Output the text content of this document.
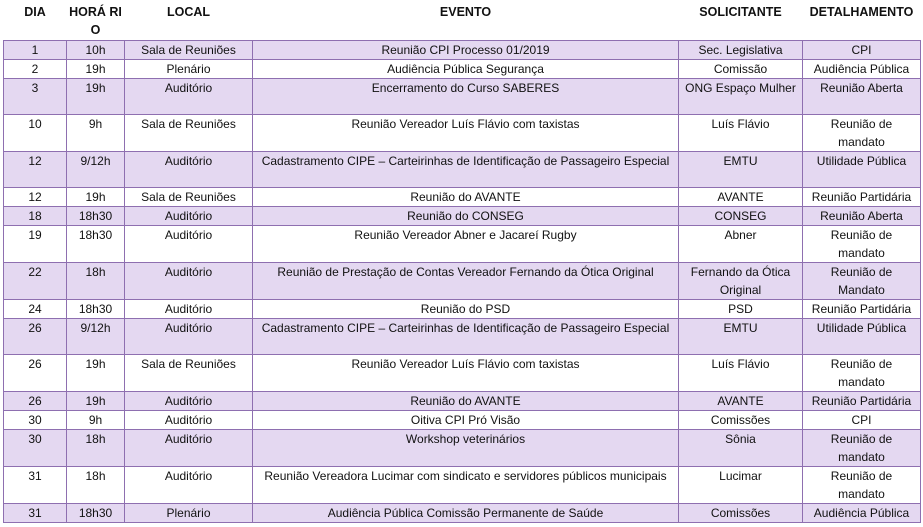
DIA	HORÁ RIO	LOCAL	EVENTO	SOLICITANTE	DETALHAMENTO
1	10h	Sala de Reuniões	Reunião CPI Processo 01/2019	Sec. Legislativa	CPI
2	19h	Plenário	Audiência Pública Segurança	Comissão	Audiência Pública
3	19h	Auditório	Encerramento do Curso SABERES	ONG Espaço Mulher	Reunião Aberta
10	9h	Sala de Reuniões	Reunião Vereador Luís Flávio com taxistas	Luís Flávio	Reunião de mandato
12	9/12h	Auditório	Cadastramento CIPE – Carteirinhas de Identificação de Passageiro Especial	EMTU	Utilidade Pública
12	19h	Sala de Reuniões	Reunião do AVANTE	AVANTE	Reunião Partidária
18	18h30	Auditório	Reunião do CONSEG	CONSEG	Reunião Aberta
19	18h30	Auditório	Reunião Vereador Abner e Jacareí Rugby	Abner	Reunião de mandato
22	18h	Auditório	Reunião de Prestação de Contas Vereador Fernando da Ótica Original	Fernando da Ótica Original	Reunião de Mandato
24	18h30	Auditório	Reunião do PSD	PSD	Reunião Partidária
26	9/12h	Auditório	Cadastramento CIPE – Carteirinhas de Identificação de Passageiro Especial	EMTU	Utilidade Pública
26	19h	Sala de Reuniões	Reunião Vereador Luís Flávio com taxistas	Luís Flávio	Reunião de mandato
26	19h	Auditório	Reunião do AVANTE	AVANTE	Reunião Partidária
30	9h	Auditório	Oitiva CPI Pró Visão	Comissões	CPI
30	18h	Auditório	Workshop veterinários	Sônia	Reunião de mandato
31	18h	Auditório	Reunião Vereadora Lucimar com sindicato e servidores públicos municipais	Lucimar	Reunião de mandato
31	18h30	Plenário	Audiência Pública Comissão Permanente de Saúde	Comissões	Audiência Pública
